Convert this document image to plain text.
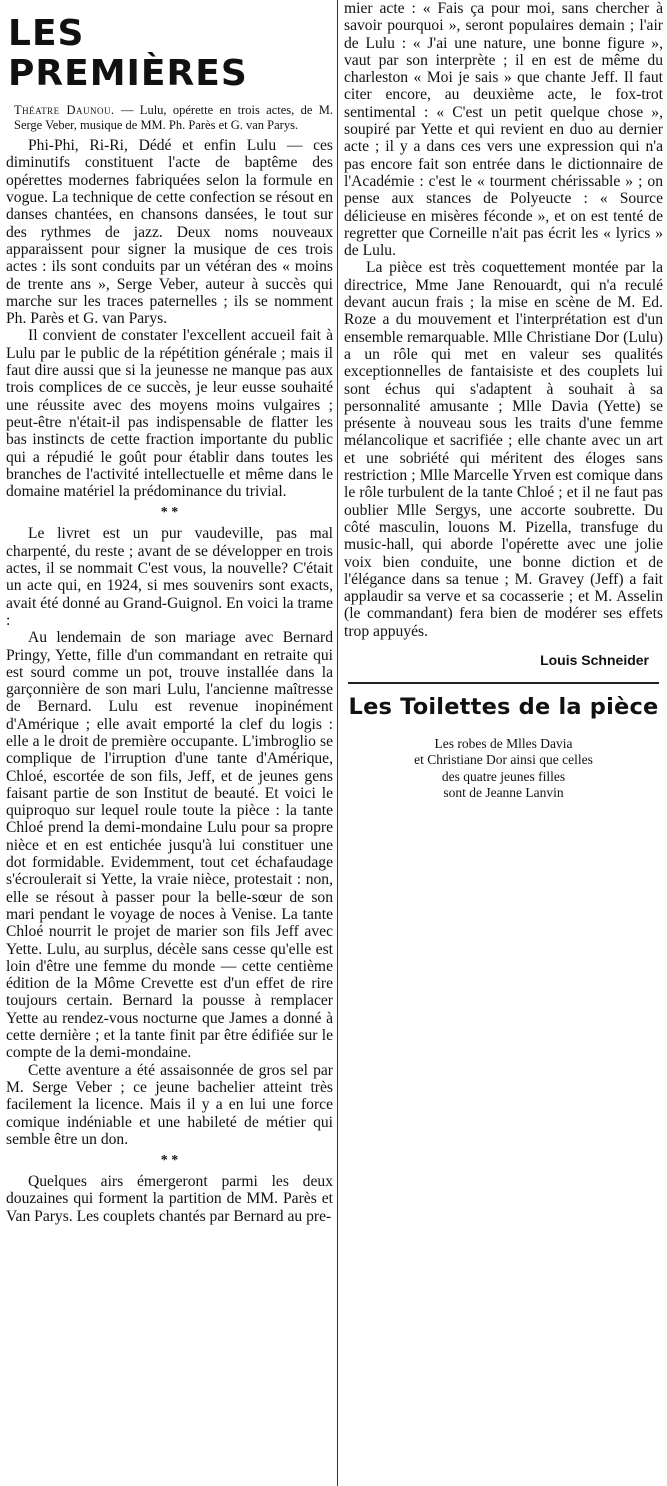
LES PREMIÈRES
Théatre Daunou. — Lulu, opérette en trois actes, de M. Serge Veber, musique de MM. Ph. Parès et G. van Parys.

Phi-Phi, Ri-Ri, Dédé et enfin Lulu — ces diminutifs constituent l'acte de baptême des opérettes modernes fabriquées selon la formule en vogue. La technique de cette confection se résout en danses chantées, en chansons dansées, le tout sur des rythmes de jazz. Deux noms nouveaux apparaissent pour signer la musique de ces trois actes : ils sont conduits par un vétéran des « moins de trente ans », Serge Veber, auteur à succès qui marche sur les traces paternelles ; ils se nomment Ph. Parès et G. van Parys.

Il convient de constater l'excellent accueil fait à Lulu par le public de la répétition générale ; mais il faut dire aussi que si la jeunesse ne manque pas aux trois complices de ce succès, je leur eusse souhaité une réussite avec des moyens moins vulgaires ; peut-être n'était-il pas indispensable de flatter les bas instincts de cette fraction importante du public qui a répudié le goût pour établir dans toutes les branches de l'activité intellectuelle et même dans le domaine matériel la prédominance du trivial.

* *

Le livret est un pur vaudeville, pas mal charpenté, du reste ; avant de se développer en trois actes, il se nommait C'est vous, la nouvelle? C'était un acte qui, en 1924, si mes souvenirs sont exacts, avait été donné au Grand-Guignol. En voici la trame :

Au lendemain de son mariage avec Bernard Pringy, Yette, fille d'un commandant en retraite qui est sourd comme un pot, trouve installée dans la garçonnière de son mari Lulu, l'ancienne maîtresse de Bernard. Lulu est revenue inopinément d'Amérique ; elle avait emporté la clef du logis : elle a le droit de première occupante. L'imbroglio se complique de l'irruption d'une tante d'Amérique, Chloé, escortée de son fils, Jeff, et de jeunes gens faisant partie de son Institut de beauté. Et voici le quiproquo sur lequel roule toute la pièce : la tante Chloé prend la demi-mondaine Lulu pour sa propre nièce et en est entichée jusqu'à lui constituer une dot formidable. Evidemment, tout cet échafaudage s'écroulerait si Yette, la vraie nièce, protestait : non, elle se résout à passer pour la belle-sœur de son mari pendant le voyage de noces à Venise. La tante Chloé nourrit le projet de marier son fils Jeff avec Yette. Lulu, au surplus, décèle sans cesse qu'elle est loin d'être une femme du monde — cette centième édition de la Môme Crevette est d'un effet de rire toujours certain. Bernard la pousse à remplacer Yette au rendez-vous nocturne que James a donné à cette dernière ; et la tante finit par être édifiée sur le compte de la demi-mondaine.

Cette aventure a été assaisonnée de gros sel par M. Serge Veber ; ce jeune bachelier atteint très facilement la licence. Mais il y a en lui une force comique indéniable et une habileté de métier qui semble être un don.

* *

Quelques airs émergeront parmi les deux douzaines qui forment la partition de MM. Parès et Van Parys. Les couplets chantés par Bernard au pre-

mier acte : « Fais ça pour moi, sans chercher à savoir pourquoi », seront populaires demain ; l'air de Lulu : « J'ai une nature, une bonne figure », vaut par son interprète ; il en est de même du charleston « Moi je sais » que chante Jeff. Il faut citer encore, au deuxième acte, le fox-trot sentimental : « C'est un petit quelque chose », soupiré par Yette et qui revient en duo au dernier acte ; il y a dans ces vers une expression qui n'a pas encore fait son entrée dans le dictionnaire de l'Académie : c'est le « tourment chérissable » ; on pense aux stances de Polyeucte : « Source délicieuse en misères féconde », et on est tenté de regretter que Corneille n'ait pas écrit les « lyrics » de Lulu.

La pièce est très coquettement montée par la directrice, Mme Jane Renouardt, qui n'a reculé devant aucun frais ; la mise en scène de M. Ed. Roze a du mouvement et l'interprétation est d'un ensemble remarquable. Mlle Christiane Dor (Lulu) a un rôle qui met en valeur ses qualités exceptionnelles de fantaisiste et des couplets lui sont échus qui s'adaptent à souhait à sa personnalité amusante ; Mlle Davia (Yette) se présente à nouveau sous les traits d'une femme mélancolique et sacrifiée ; elle chante avec un art et une sobriété qui méritent des éloges sans restriction ; Mlle Marcelle Yrven est comique dans le rôle turbulent de la tante Chloé ; et il ne faut pas oublier Mlle Sergys, une accorte soubrette. Du côté masculin, louons M. Pizella, transfuge du music-hall, qui aborde l'opérette avec une jolie voix bien conduite, une bonne diction et de l'élégance dans sa tenue ; M. Gravey (Jeff) a fait applaudir sa verve et sa cocasserie ; et M. Asselin (le commandant) fera bien de modérer ses effets trop appuyés.

Louis Schneider
Les Toilettes de la pièce
Les robes de Mlles Davia
et Christiane Dor ainsi que celles
des quatre jeunes filles
sont de Jeanne Lanvin
